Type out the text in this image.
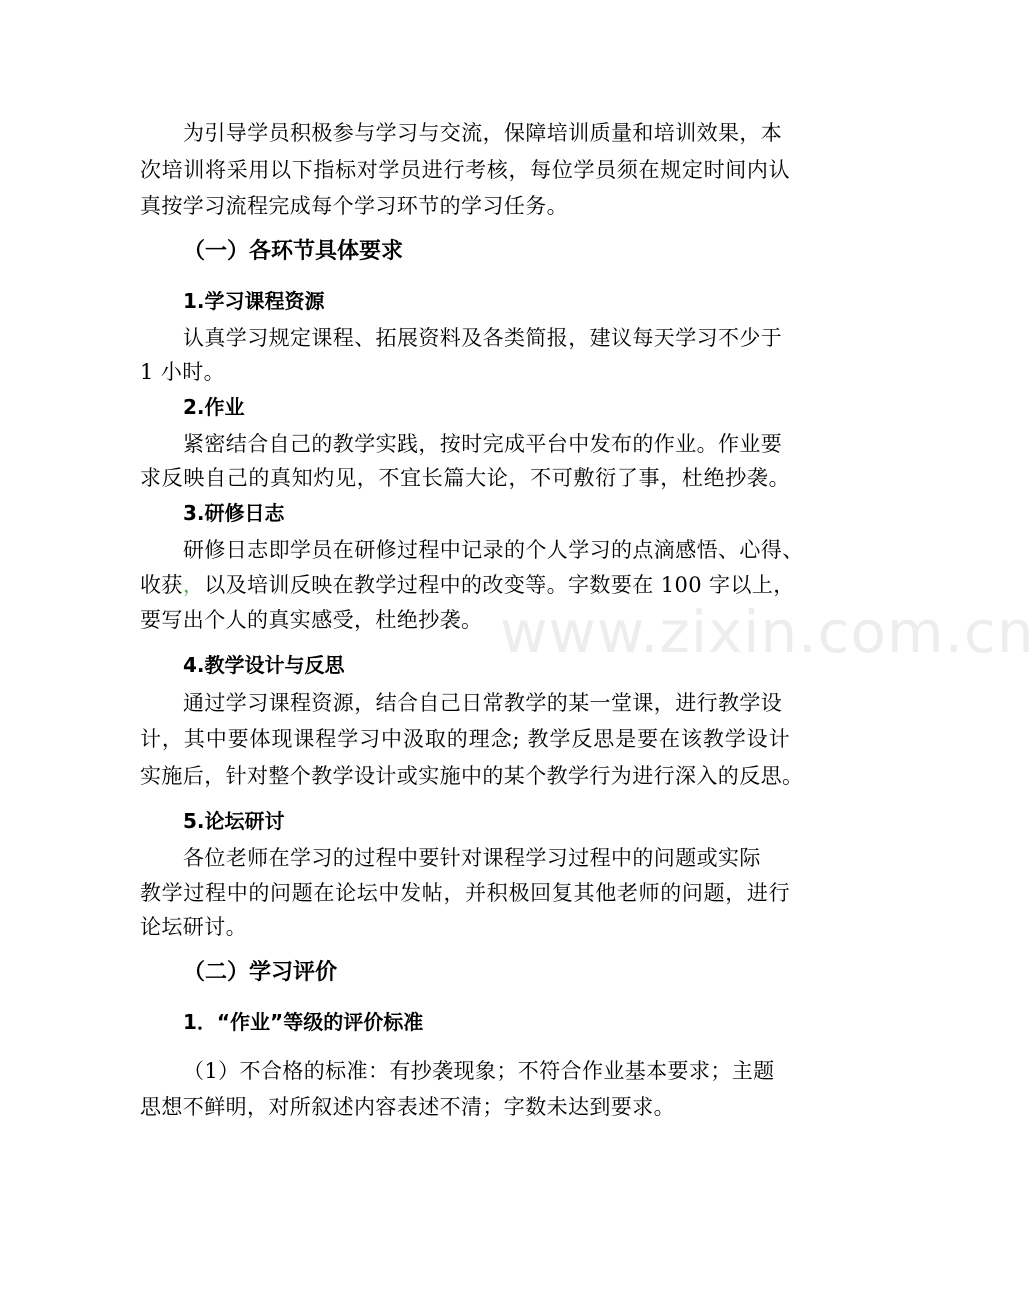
www.zixin.com.cn
为引导学员积极参与学习与交流，保障培训质量和培训效果，本
次培训将采用以下指标对学员进行考核，每位学员须在规定时间内认
真按学习流程完成每个学习环节的学习任务。
（一）各环节具体要求
1.学习课程资源
认真学习规定课程、拓展资料及各类简报，建议每天学习不少于
1 小时。
2.作业
紧密结合自己的教学实践，按时完成平台中发布的作业。作业要
求反映自己的真知灼见，不宜长篇大论，不可敷衍了事，杜绝抄袭。
3.研修日志
研修日志即学员在研修过程中记录的个人学习的点滴感悟、心得、
收获，以及培训反映在教学过程中的改变等。字数要在 100 字以上，
要写出个人的真实感受，杜绝抄袭。
4.教学设计与反思
通过学习课程资源，结合自己日常教学的某一堂课，进行教学设
计，其中要体现课程学习中汲取的理念; 教学反思是要在该教学设计
实施后，针对整个教学设计或实施中的某个教学行为进行深入的反思。
5.论坛研讨
各位老师在学习的过程中要针对课程学习过程中的问题或实际
教学过程中的问题在论坛中发帖，并积极回复其他老师的问题，进行
论坛研讨。
（二）学习评价
1．“作业”等级的评价标准
（1）不合格的标准：有抄袭现象；不符合作业基本要求；主题
思想不鲜明，对所叙述内容表述不清；字数未达到要求。
